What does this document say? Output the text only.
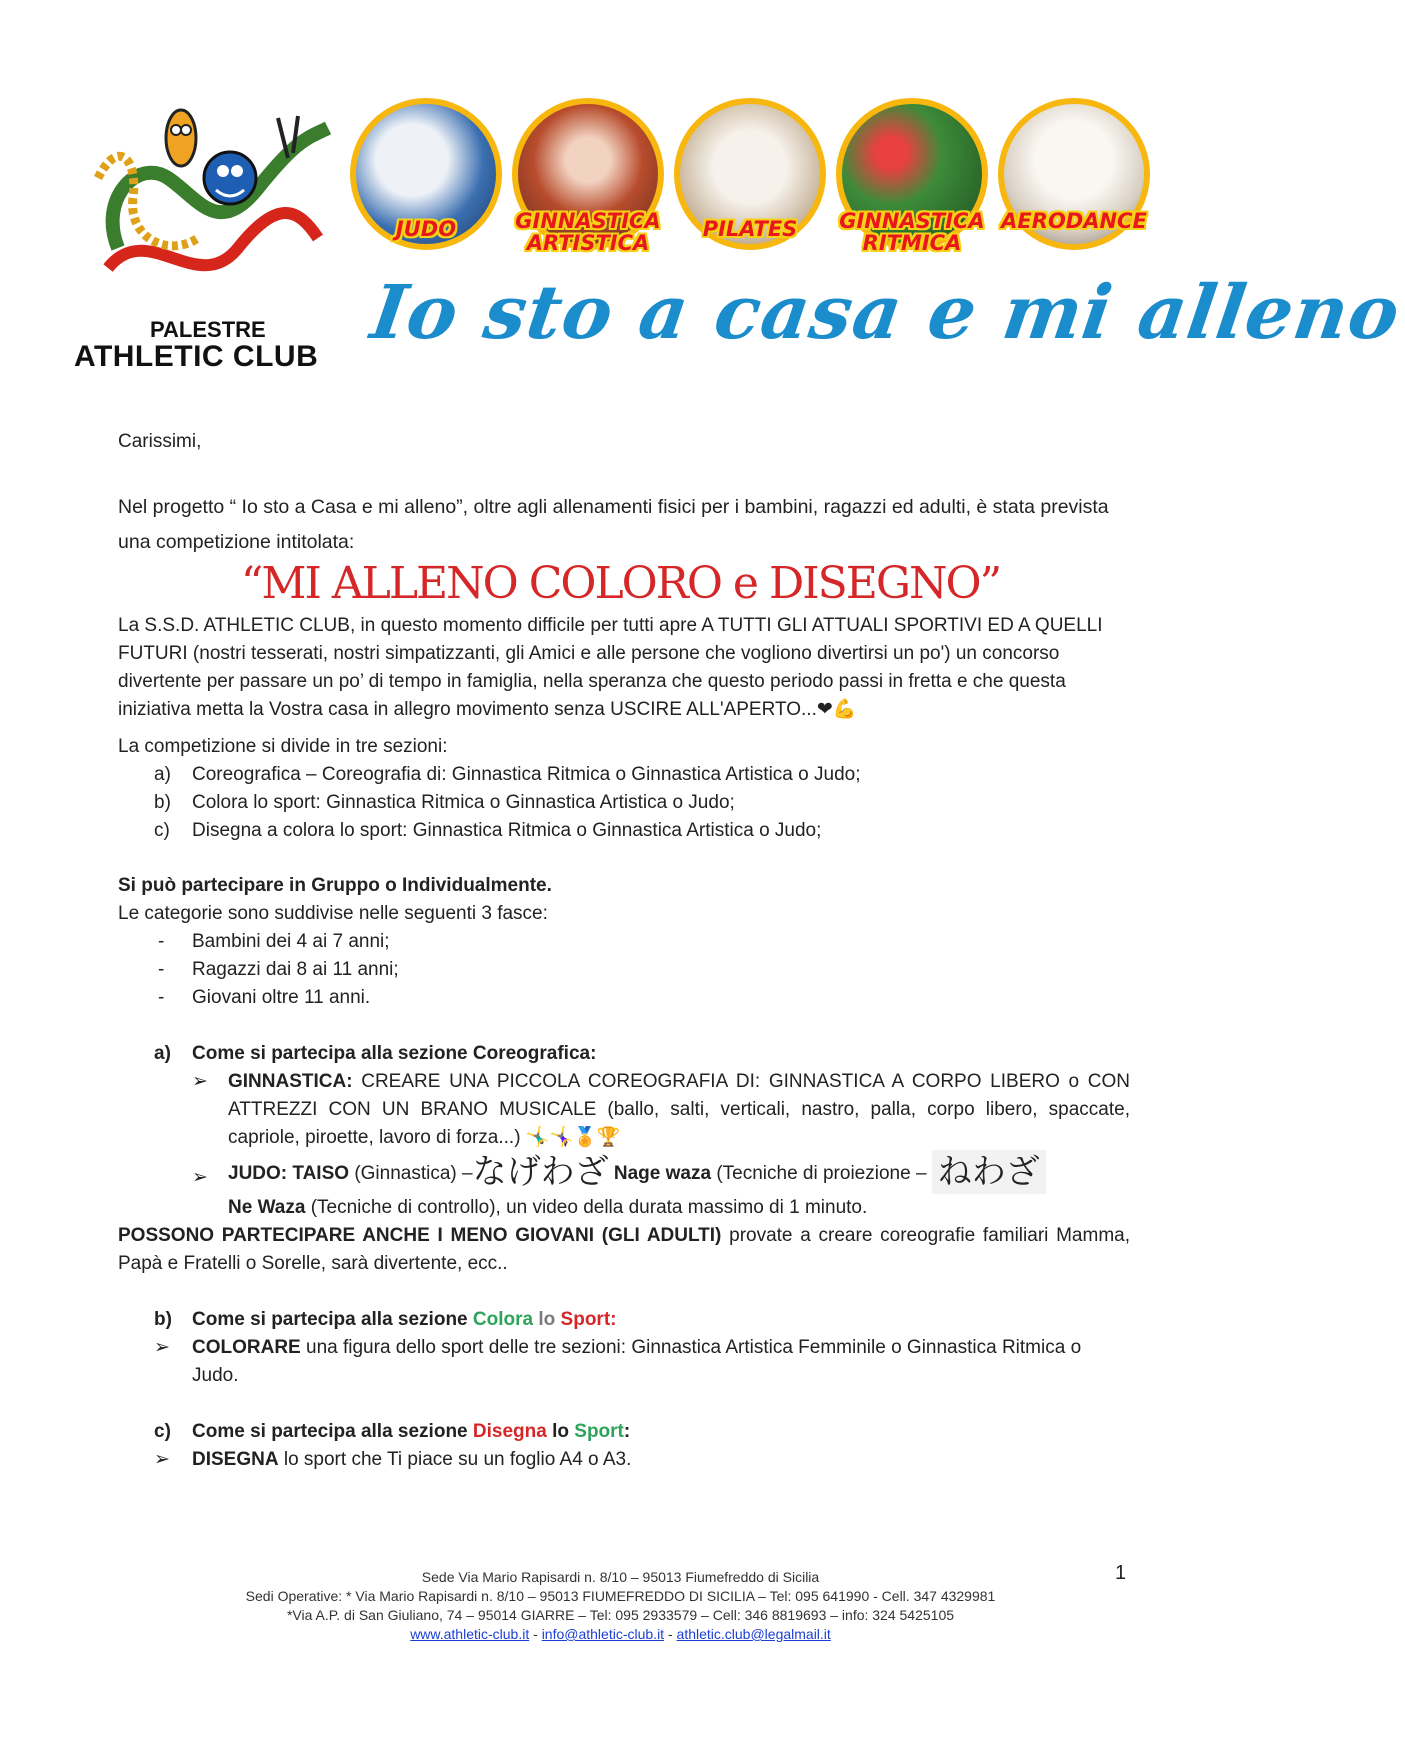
PALESTRE
ATHLETIC CLUB
JUDO	GINNASTICA
ARTISTICA
PILATES	GINNASTICA
RITMICA
AERODANCE
Io sto a casa e mi alleno
Carissimi,
Nel progetto “ Io sto a Casa e mi alleno”, oltre agli allenamenti fisici per i bambini, ragazzi ed adulti, è stata prevista una competizione intitolata:
“MI ALLENO COLORO e DISEGNO”
La S.S.D. ATHLETIC CLUB, in questo momento difficile per tutti apre A TUTTI GLI ATTUALI SPORTIVI ED A QUELLI FUTURI (nostri tesserati, nostri simpatizzanti, gli Amici e alle persone che vogliono divertirsi un po') un concorso divertente per passare un po’ di tempo in famiglia, nella speranza che questo periodo passi in fretta e che questa iniziativa metta la Vostra casa in allegro movimento senza USCIRE ALL'APERTO...❤💪
La competizione si divide in tre sezioni:
a) Coreografica – Coreografia di: Ginnastica Ritmica o Ginnastica Artistica o Judo;
b) Colora lo sport: Ginnastica Ritmica o Ginnastica Artistica o Judo;
c) Disegna a colora lo sport: Ginnastica Ritmica o Ginnastica Artistica o Judo;
Si può partecipare in Gruppo o Individualmente.
Le categorie sono suddivise nelle seguenti 3 fasce:
- Bambini dei 4 ai 7 anni;
- Ragazzi dai 8 ai 11 anni;
- Giovani oltre 11 anni.
a) Come si partecipa alla sezione Coreografica:
➢ GINNASTICA: CREARE UNA PICCOLA COREOGRAFIA DI: GINNASTICA A CORPO LIBERO o CON ATTREZZI CON UN BRANO MUSICALE (ballo, salti, verticali, nastro, palla, corpo libero, spaccate, capriole, piroette, lavoro di forza...) 🤸‍♂️🤸‍♀️🏅🏆
➢ JUDO: TAISO (Ginnastica) –なげわざ Nage waza (Tecniche di proiezione – ねわざ
Ne Waza (Tecniche di controllo), un video della durata massimo di 1 minuto.
POSSONO PARTECIPARE ANCHE I MENO GIOVANI (GLI ADULTI) provate a creare coreografie familiari Mamma, Papà e Fratelli o Sorelle, sarà divertente, ecc..
b) Come si partecipa alla sezione Colora lo Sport:
➢ COLORARE una figura dello sport delle tre sezioni: Ginnastica Artistica Femminile o Ginnastica Ritmica o Judo.
c) Come si partecipa alla sezione Disegna lo Sport:
➢ DISEGNA lo sport che Ti piace su un foglio A4 o A3.
Sede Via Mario Rapisardi n. 8/10 – 95013 Fiumefreddo di Sicilia
Sedi Operative: * Via Mario Rapisardi n. 8/10 – 95013 FIUMEFREDDO DI SICILIA – Tel: 095 641990 - Cell. 347 4329981
*Via A.P. di San Giuliano, 74 – 95014 GIARRE – Tel: 095 2933579 – Cell: 346 8819693 – info: 324 5425105
www.athletic-club.it - info@athletic-club.it - athletic.club@legalmail.it
1
